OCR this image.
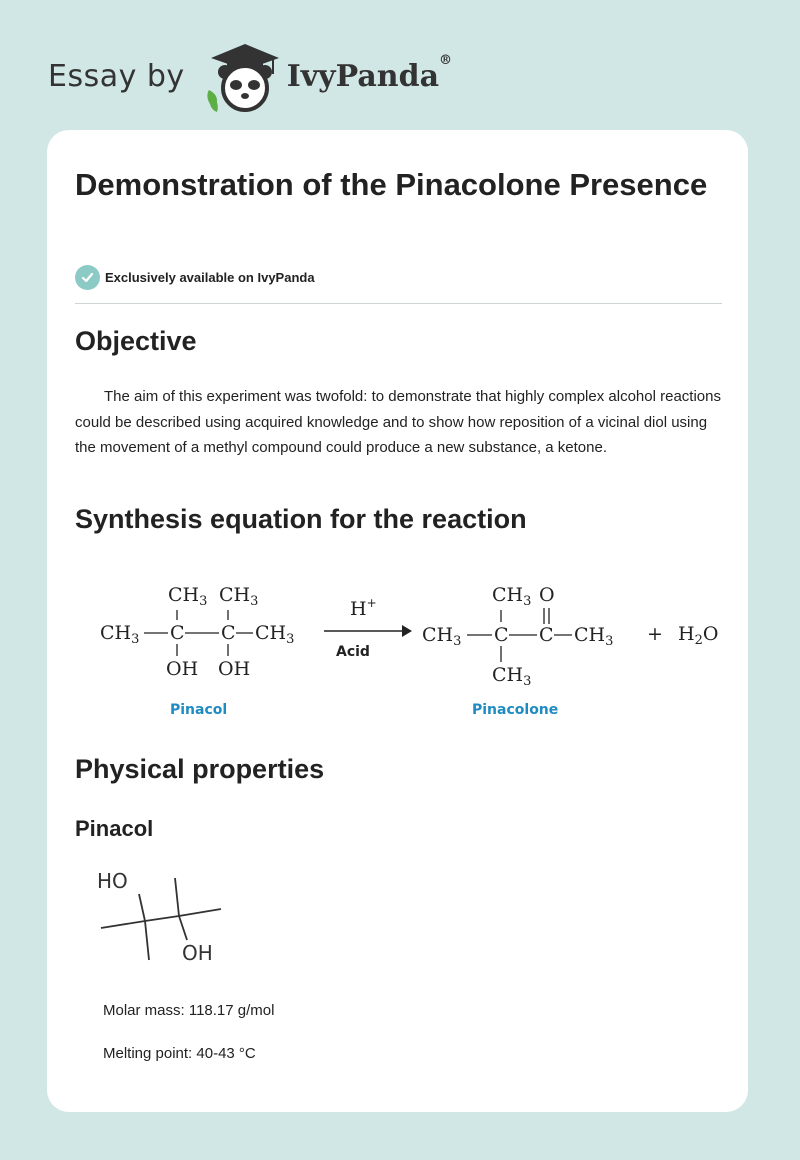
Essay by	IvyPanda®
Demonstration of the Pinacolone Presence
Exclusively available on IvyPanda
Objective

The aim of this experiment was twofold: to demonstrate that highly complex alcohol reactions could be described using acquired knowledge and to show how reposition of a vicinal diol using the movement of a methyl compound could produce a new substance, a ketone.

Synthesis equation for the reaction
$CH_3$ $CH_3$
$CH_3$ C C $CH_3$
OH OH
H+	$CH_3$ O
$CH_3$ C C $CH_3$
$CH_3$
+ $H_2O$
Acid
Pinacol	Pinacolone
Physical properties
Pinacol
HO
OH

Molar mass: 118.17 g/mol

Melting point: 40-43 °C
